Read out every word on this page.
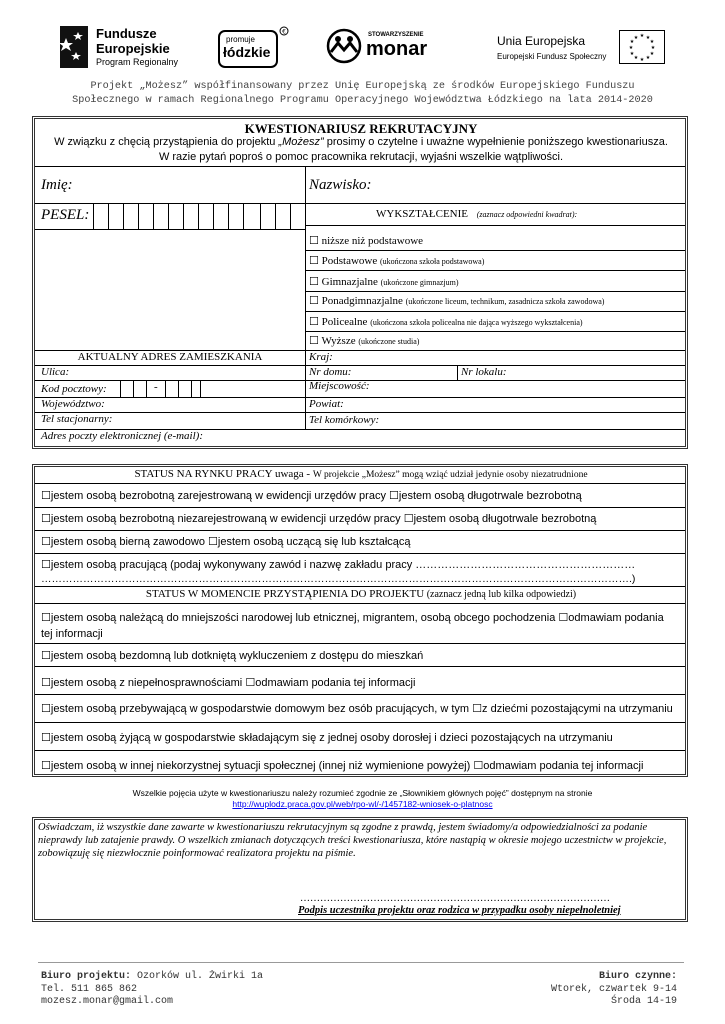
Fundusze
Europejskie
Program Regionalny
€
promuje
łódzkie
STOWARZYSZENIE
monar	Unia Europejska
Europejski Fundusz Społeczny
★ ★
★
★
★
★
★
★
★
★
★
★
Projekt „Możesz” współfinansowany przez Unię Europejską ze środków Europejskiego Funduszu
Społecznego w ramach Regionalnego Programu Operacyjnego Województwa Łódzkiego na lata 2014-2020
KWESTIONARIUSZ REKRUTACYJNY
W związku z chęcią przystąpienia do projektu „Możesz” prosimy o czytelne i uważne wypełnienie poniższego kwestionariusza.
W razie pytań poproś o pomoc pracownika rekrutacji, wyjaśni wszelkie wątpliwości.
Imię:	Nazwisko:
PESEL:	WYKSZTAŁCENIE (zaznacz odpowiedni kwadrat):
☐ niższe niż podstawowe
☐ Podstawowe (ukończona szkoła podstawowa)
☐ Gimnazjalne (ukończone gimnazjum)
☐ Ponadgimnazjalne (ukończone liceum, technikum, zasadnicza szkoła zawodowa)
☐ Policealne (ukończona szkoła policealna nie dająca wyższego wykształcenia)
☐ Wyższe (ukończone studia)
AKTUALNY ADRES ZAMIESZKANIA	Kraj:
Ulica:	Nr domu:	Nr lokalu:
Kod pocztowy:	-	Miejscowość:
Województwo:	Powiat:
Tel stacjonarny:	Tel komórkowy:
Adres poczty elektronicznej (e-mail):
STATUS NA RYNKU PRACY uwaga - W projekcie „Możesz” mogą wziąć udział jedynie osoby niezatrudnione
☐jestem osobą bezrobotną zarejestrowaną w ewidencji urzędów pracy ☐jestem osobą długotrwale bezrobotną
☐jestem osobą bezrobotną niezarejestrowaną w ewidencji urzędów pracy ☐jestem osobą długotrwale bezrobotną
☐jestem osobą bierną zawodowo ☐jestem osobą uczącą się lub kształcącą
☐jestem osobą pracującą (podaj wykonywany zawód i nazwę zakładu pracy ……………………………………………………
…………………………………………………………………………………………………………………………………………………….)
STATUS W MOMENCIE PRZYSTĄPIENIA DO PROJEKTU (zaznacz jedną lub kilka odpowiedzi)
☐jestem osobą należącą do mniejszości narodowej lub etnicznej, migrantem, osobą obcego pochodzenia ☐odmawiam podania
tej informacji
☐jestem osobą bezdomną lub dotkniętą wykluczeniem z dostępu do mieszkań
☐jestem osobą z niepełnosprawnościami ☐odmawiam podania tej informacji
☐jestem osobą przebywającą w gospodarstwie domowym bez osób pracujących, w tym ☐z dziećmi pozostającymi na utrzymaniu
☐jestem osobą żyjącą w gospodarstwie składającym się z jednej osoby dorosłej i dzieci pozostających na utrzymaniu
☐jestem osobą w innej niekorzystnej sytuacji społecznej (innej niż wymienione powyżej) ☐odmawiam podania tej informacji
Wszelkie pojęcia użyte w kwestionariuszu należy rozumieć zgodnie ze „Słownikiem głównych pojęć” dostępnym na stronie
http://wuplodz.praca.gov.pl/web/rpo-wl/-/1457182-wniosek-o-platnosc
Oświadczam, iż wszystkie dane zawarte w kwestionariuszu rekrutacyjnym są zgodne z prawdą, jestem świadomy/a odpowiedzialności za podanie nieprawdy lub zatajenie prawdy. O wszelkich zmianach dotyczących treści kwestionariusza, które nastąpią w okresie mojego uczestnictw w projekcie, zobowiązuję się niezwłocznie poinformować realizatora projektu na piśmie.
…………………………………………………………………………………
Podpis uczestnika projektu oraz rodzica w przypadku osoby niepełnoletniej
Biuro projektu: Ozorków ul. Żwirki 1a
Tel. 511 865 862
mozesz.monar@gmail.com
Biuro czynne:
Wtorek, czwartek 9-14
Środa 14-19
